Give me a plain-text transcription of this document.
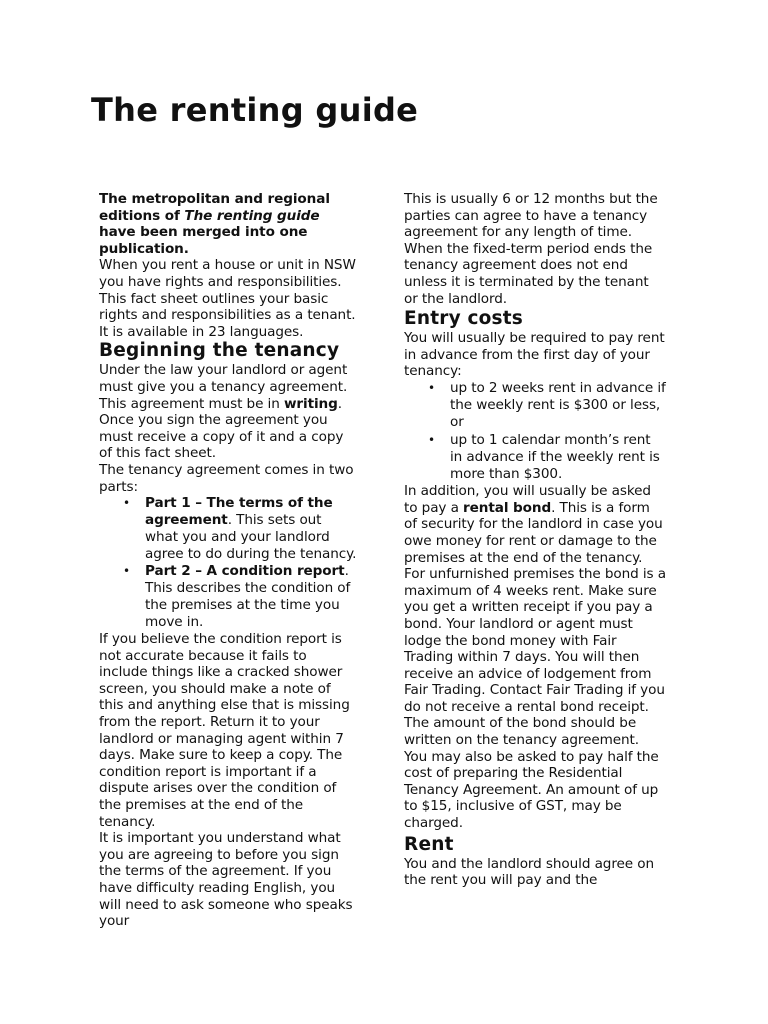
The renting guide

The metropolitan and regional editions of The renting guide have been merged into one publication.

When you rent a house or unit in NSW you have rights and responsibilities. This fact sheet outlines your basic rights and responsibilities as a tenant. It is available in 23 languages.

Beginning the tenancy

Under the law your landlord or agent must give you a tenancy agreement. This agreement must be in writing. Once you sign the agreement you must receive a copy of it and a copy of this fact sheet.

The tenancy agreement comes in two parts:

• Part 1 – The terms of the agreement. This sets out what you and your landlord agree to do during the tenancy.
• Part 2 – A condition report. This describes the condition of the premises at the time you move in.

If you believe the condition report is not accurate because it fails to include things like a cracked shower screen, you should make a note of this and anything else that is missing from the report. Return it to your landlord or managing agent within 7 days. Make sure to keep a copy. The condition report is important if a dispute arises over the condition of the premises at the end of the tenancy.

It is important you understand what you are agreeing to before you sign the terms of the agreement. If you have difficulty reading English, you will need to ask someone who speaks your

This is usually 6 or 12 months but the parties can agree to have a tenancy agreement for any length of time.

When the fixed-term period ends the tenancy agreement does not end unless it is terminated by the tenant or the landlord.

Entry costs

You will usually be required to pay rent in advance from the first day of your tenancy:

• up to 2 weeks rent in advance if the weekly rent is $300 or less, or
• up to 1 calendar month’s rent in advance if the weekly rent is more than $300.

In addition, you will usually be asked to pay a rental bond. This is a form of security for the landlord in case you owe money for rent or damage to the premises at the end of the tenancy.

For unfurnished premises the bond is a maximum of 4 weeks rent. Make sure you get a written receipt if you pay a bond. Your landlord or agent must lodge the bond money with Fair Trading within 7 days. You will then receive an advice of lodgement from Fair Trading. Contact Fair Trading if you do not receive a rental bond receipt. The amount of the bond should be written on the tenancy agreement.

You may also be asked to pay half the cost of preparing the Residential Tenancy Agreement. An amount of up to $15, inclusive of GST, may be charged.

Rent

You and the landlord should agree on the rent you will pay and the
